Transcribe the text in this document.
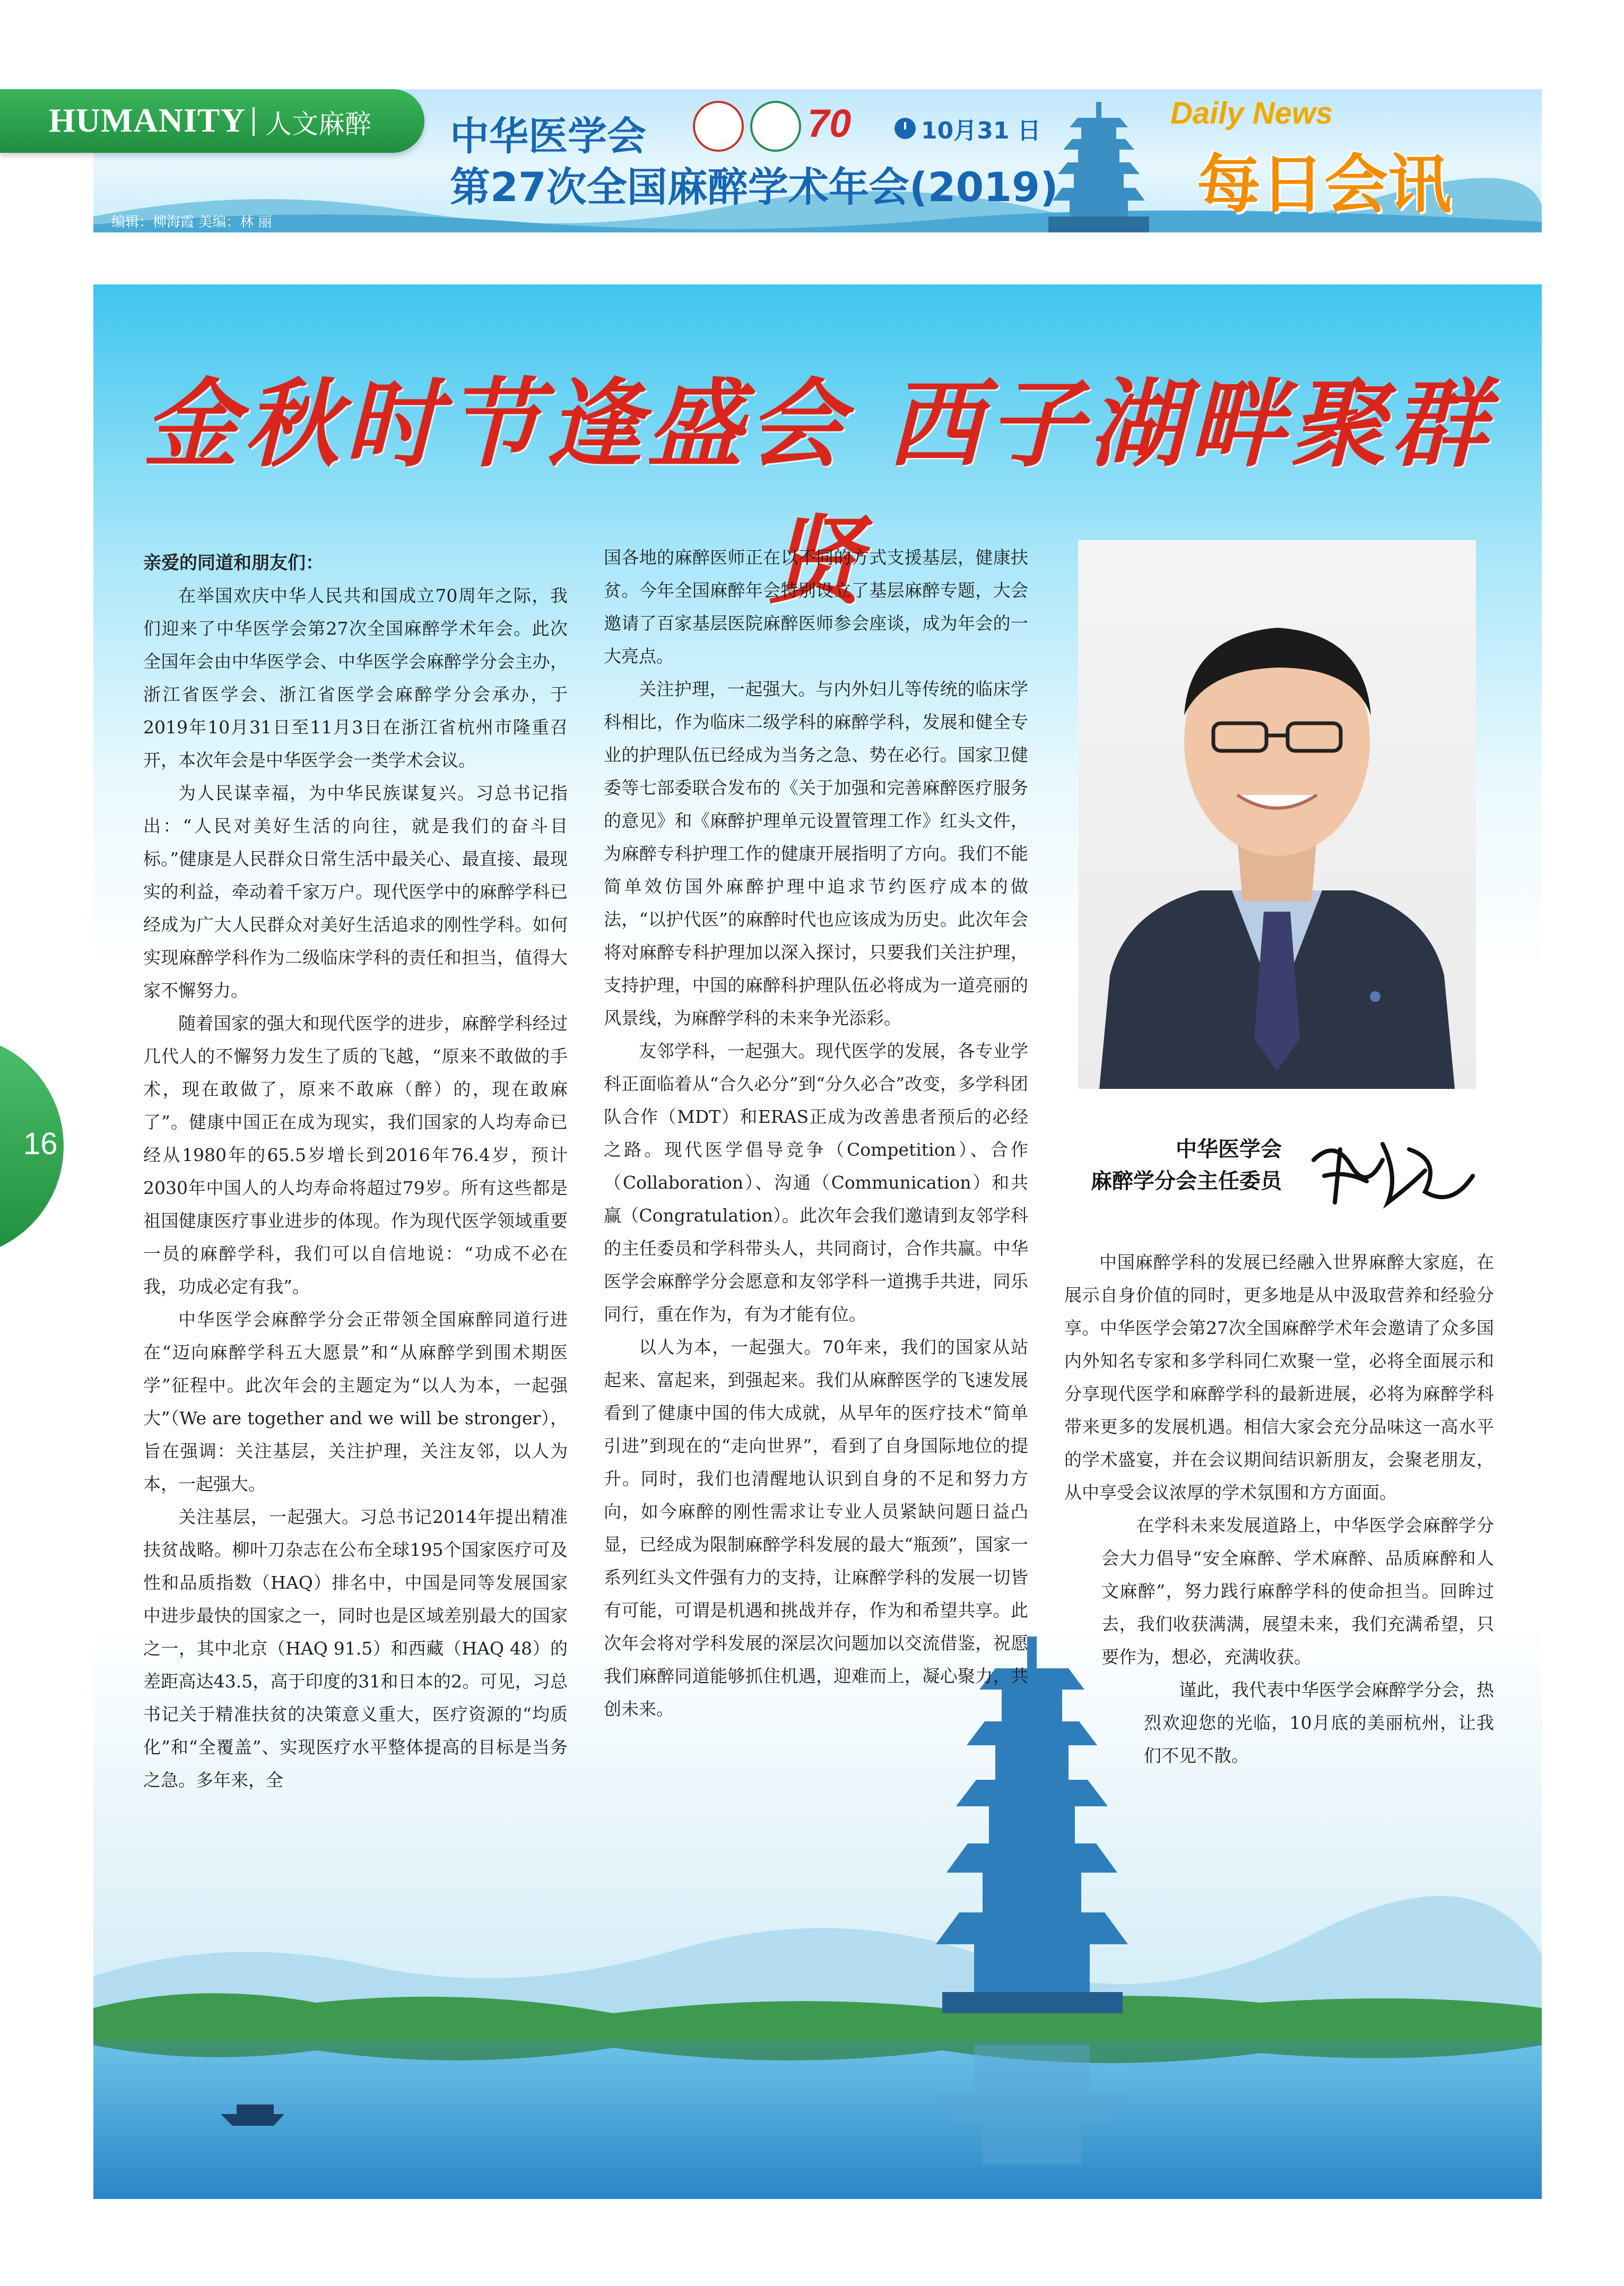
中华医学会
第27次全国麻醉学术年会(2019)
70	10月31 日
Daily News
每日会讯
HUMANITY 人文麻醉
编辑：柳海霞 美编：林 丽
金秋时节逢盛会 西子湖畔聚群贤

亲爱的同道和朋友们：

在举国欢庆中华人民共和国成立70周年之际，我们迎来了中华医学会第27次全国麻醉学术年会。此次全国年会由中华医学会、中华医学会麻醉学分会主办，浙江省医学会、浙江省医学会麻醉学分会承办，于2019年10月31日至11月3日在浙江省杭州市隆重召开，本次年会是中华医学会一类学术会议。

为人民谋幸福，为中华民族谋复兴。习总书记指出：“人民对美好生活的向往，就是我们的奋斗目标。”健康是人民群众日常生活中最关心、最直接、最现实的利益，牵动着千家万户。现代医学中的麻醉学科已经成为广大人民群众对美好生活追求的刚性学科。如何实现麻醉学科作为二级临床学科的责任和担当，值得大家不懈努力。

随着国家的强大和现代医学的进步，麻醉学科经过几代人的不懈努力发生了质的飞越，“原来不敢做的手术，现在敢做了，原来不敢麻（醉）的，现在敢麻了”。健康中国正在成为现实，我们国家的人均寿命已经从1980年的65.5岁增长到2016年76.4岁，预计2030年中国人的人均寿命将超过79岁。所有这些都是祖国健康医疗事业进步的体现。作为现代医学领域重要一员的麻醉学科，我们可以自信地说：“功成不必在我，功成必定有我”。

中华医学会麻醉学分会正带领全国麻醉同道行进在“迈向麻醉学科五大愿景”和“从麻醉学到围术期医学”征程中。此次年会的主题定为“以人为本，一起强大”（We are together and we will be stronger），旨在强调：关注基层，关注护理，关注友邻，以人为本，一起强大。

关注基层，一起强大。习总书记2014年提出精准扶贫战略。柳叶刀杂志在公布全球195个国家医疗可及性和品质指数（HAQ）排名中，中国是同等发展国家中进步最快的国家之一，同时也是区域差别最大的国家之一，其中北京（HAQ 91.5）和西藏（HAQ 48）的差距高达43.5，高于印度的31和日本的2。可见，习总书记关于精准扶贫的决策意义重大，医疗资源的“均质化”和“全覆盖”、实现医疗水平整体提高的目标是当务之急。多年来，全

国各地的麻醉医师正在以不同的方式支援基层，健康扶贫。今年全国麻醉年会特别设立了基层麻醉专题，大会邀请了百家基层医院麻醉医师参会座谈，成为年会的一大亮点。

关注护理，一起强大。与内外妇儿等传统的临床学科相比，作为临床二级学科的麻醉学科，发展和健全专业的护理队伍已经成为当务之急、势在必行。国家卫健委等七部委联合发布的《关于加强和完善麻醉医疗服务的意见》和《麻醉护理单元设置管理工作》红头文件，为麻醉专科护理工作的健康开展指明了方向。我们不能简单效仿国外麻醉护理中追求节约医疗成本的做法，“以护代医”的麻醉时代也应该成为历史。此次年会将对麻醉专科护理加以深入探讨，只要我们关注护理，支持护理，中国的麻醉科护理队伍必将成为一道亮丽的风景线，为麻醉学科的未来争光添彩。

友邻学科，一起强大。现代医学的发展，各专业学科正面临着从“合久必分”到“分久必合”改变，多学科团队合作（MDT）和ERAS正成为改善患者预后的必经之路。现代医学倡导竞争（Competition）、合作（Collaboration）、沟通（Communication）和共赢（Congratulation）。此次年会我们邀请到友邻学科的主任委员和学科带头人，共同商讨，合作共赢。中华医学会麻醉学分会愿意和友邻学科一道携手共进，同乐同行，重在作为，有为才能有位。

以人为本，一起强大。70年来，我们的国家从站起来、富起来，到强起来。我们从麻醉医学的飞速发展看到了健康中国的伟大成就，从早年的医疗技术“简单引进”到现在的“走向世界”，看到了自身国际地位的提升。同时，我们也清醒地认识到自身的不足和努力方向，如今麻醉的刚性需求让专业人员紧缺问题日益凸显，已经成为限制麻醉学科发展的最大“瓶颈”，国家一系列红头文件强有力的支持，让麻醉学科的发展一切皆有可能，可谓是机遇和挑战并存，作为和希望共享。此次年会将对学科发展的深层次问题加以交流借鉴，祝愿我们麻醉同道能够抓住机遇，迎难而上，凝心聚力，共创未来。

中华医学会
麻醉学分会主任委员

中国麻醉学科的发展已经融入世界麻醉大家庭，在展示自身价值的同时，更多地是从中汲取营养和经验分享。中华医学会第27次全国麻醉学术年会邀请了众多国内外知名专家和多学科同仁欢聚一堂，必将全面展示和分享现代医学和麻醉学科的最新进展，必将为麻醉学科带来更多的发展机遇。相信大家会充分品味这一高水平的学术盛宴，并在会议期间结识新朋友，会聚老朋友，从中享受会议浓厚的学术氛围和方方面面。

在学科未来发展道路上，中华医学会麻醉学分会大力倡导“安全麻醉、学术麻醉、品质麻醉和人文麻醉”，努力践行麻醉学科的使命担当。回眸过去，我们收获满满，展望未来，我们充满希望，只要作为，想必，充满收获。

谨此，我代表中华医学会麻醉学分会，热烈欢迎您的光临，10月底的美丽杭州，让我们不见不散。

16
